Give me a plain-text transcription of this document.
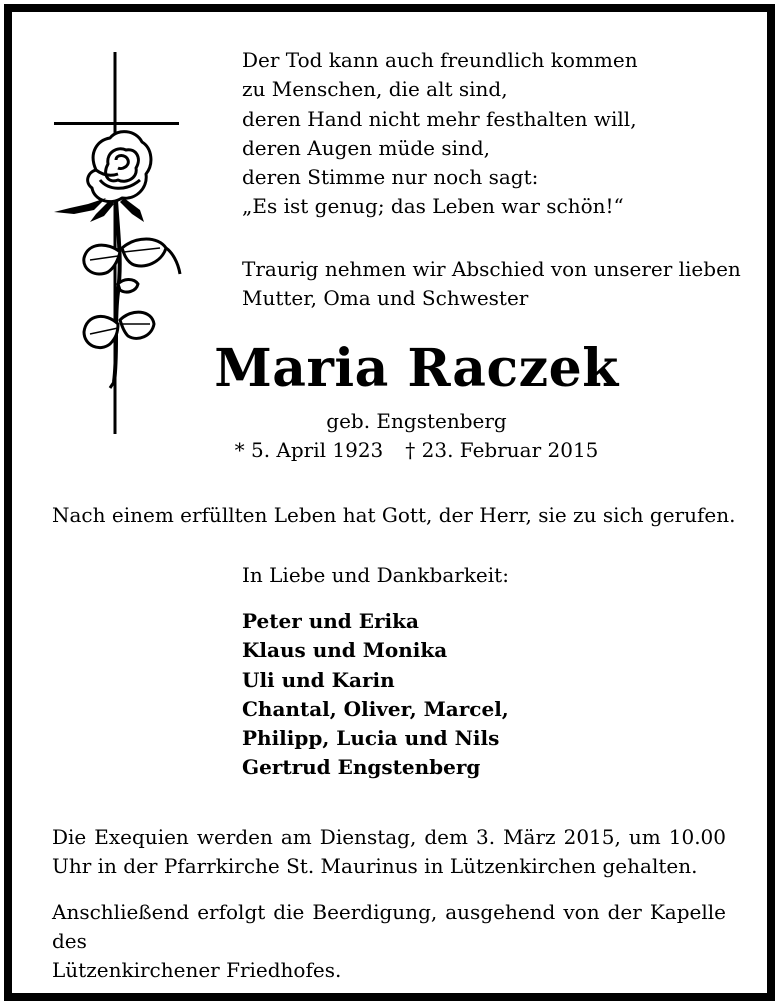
Der Tod kann auch freundlich kommen
zu Menschen, die alt sind,
deren Hand nicht mehr festhalten will,
deren Augen müde sind,
deren Stimme nur noch sagt:
„Es ist genug; das Leben war schön!“
Traurig nehmen wir Abschied von unserer lieben
Mutter, Oma und Schwester
Maria Raczek
geb. Engstenberg
* 5. April 1923 † 23. Februar 2015
Nach einem erfüllten Leben hat Gott, der Herr, sie zu sich gerufen.
In Liebe und Dankbarkeit:
Peter und Erika
Klaus und Monika
Uli und Karin
Chantal, Oliver, Marcel,
Philipp, Lucia und Nils
Gertrud Engstenberg
Die Exequien werden am Dienstag, dem 3. März 2015, um 10.00
Uhr in der Pfarrkirche St. Maurinus in Lützenkirchen gehalten.
Anschließend erfolgt die Beerdigung, ausgehend von der Kapelle des
Lützenkirchener Friedhofes.
